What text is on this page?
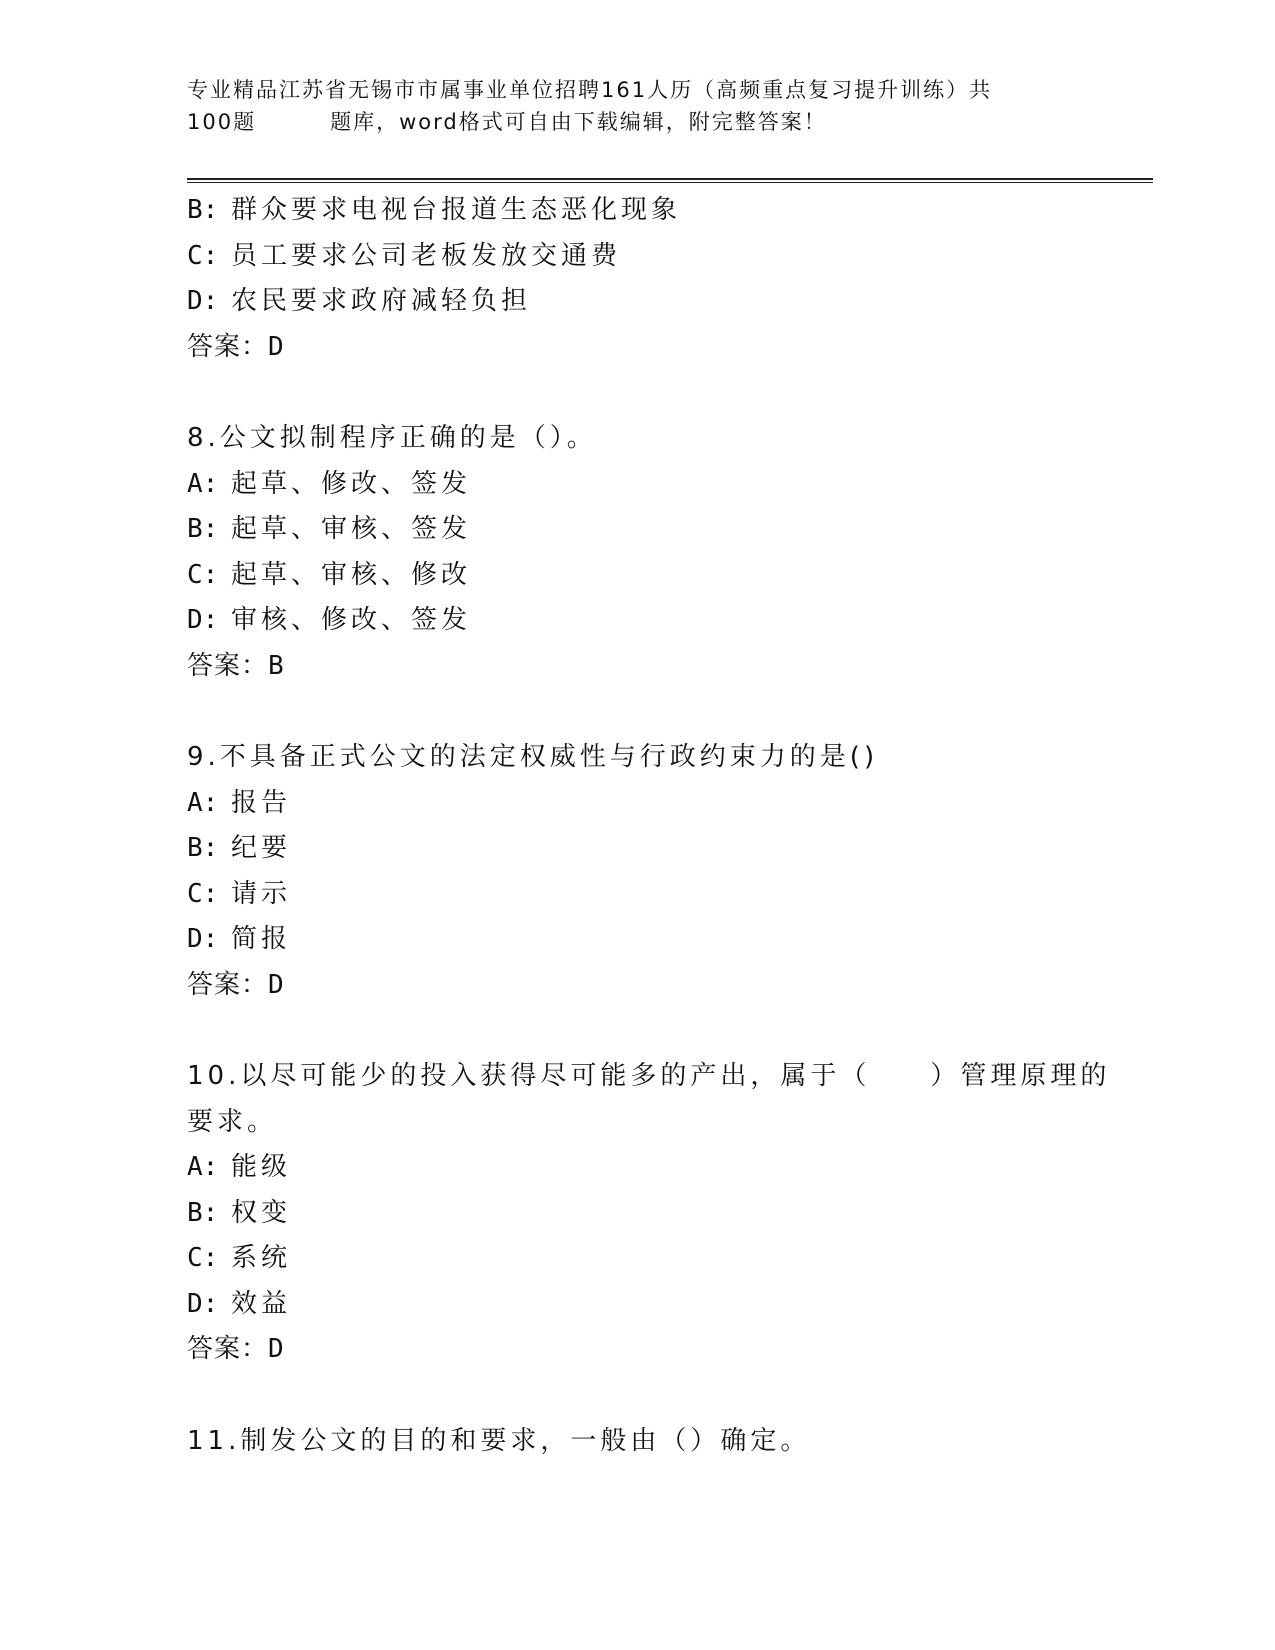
专业精品江苏省无锡市市属事业单位招聘161人历（高频重点复习提升训练）共
100题	题库，word格式可自由下载编辑，附完整答案！
B: 群众要求电视台报道生态恶化现象
C: 员工要求公司老板发放交通费
D: 农民要求政府减轻负担
答案：D
8.公文拟制程序正确的是（）。
A: 起草、修改、签发
B: 起草、审核、签发
C: 起草、审核、修改
D: 审核、修改、签发
答案：B
9.不具备正式公文的法定权威性与行政约束力的是()
A: 报告
B: 纪要
C: 请示
D: 简报
答案：D
10.以尽可能少的投入获得尽可能多的产出，属于（　　）管理原理的
要求。
A: 能级
B: 权变
C: 系统
D: 效益
答案：D
11.制发公文的目的和要求，一般由（）确定。
